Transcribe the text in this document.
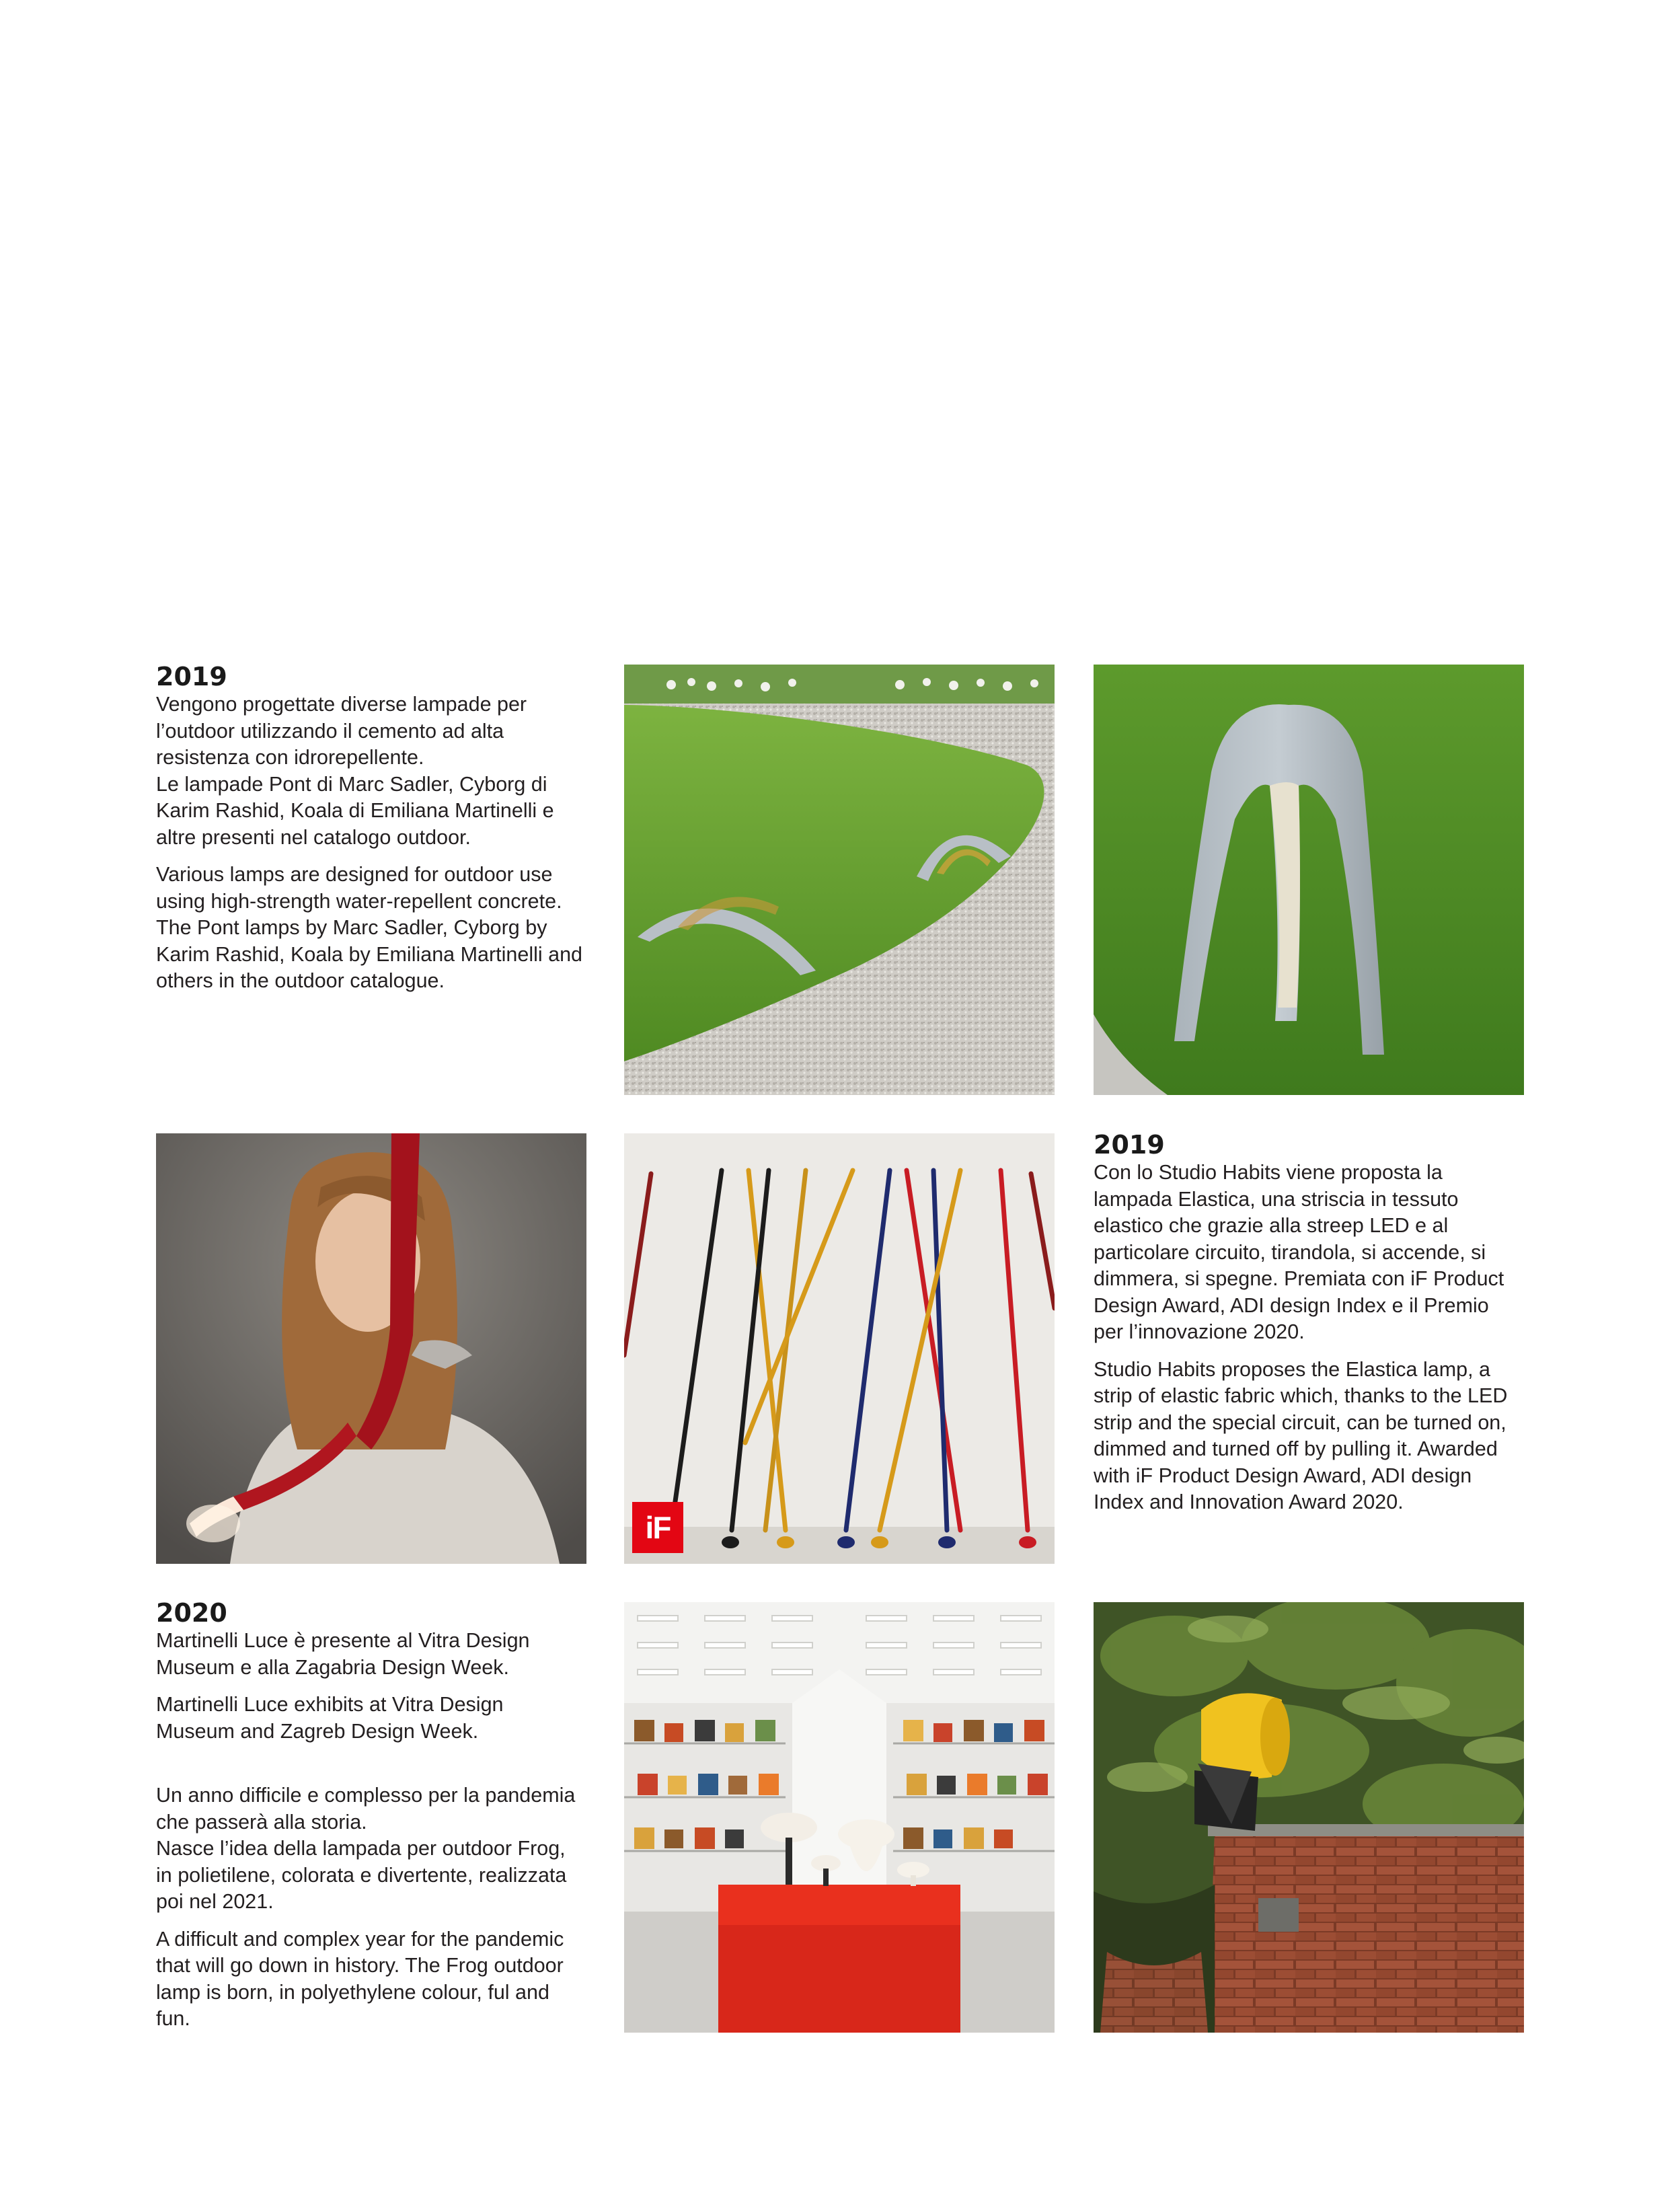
2019

Vengono progettate diverse lampade per l’outdoor utilizzando il cemento ad alta resistenza con idrorepellente.

Le lampade Pont di Marc Sadler, Cyborg di Karim Rashid, Koala di Emiliana Martinelli e altre presenti nel catalogo outdoor.

Various lamps are designed for outdoor use using high-strength water-repellent concrete. The Pont lamps by Marc Sadler, Cyborg by Karim Rashid, Koala by Emiliana Martinelli and others in the outdoor catalogue.

2019

Con lo Studio Habits viene proposta la lampada Elastica, una striscia in tessuto elastico che grazie alla streep LED e al particolare circuito, tirandola, si accende, si dimmera, si spegne. Premiata con iF Product Design Award, ADI design Index e il Premio per l’innovazione 2020.

Studio Habits proposes the Elastica lamp, a strip of elastic fabric which, thanks to the LED strip and the special circuit, can be turned on, dimmed and turned off by pulling it. Awarded with iF Product Design Award, ADI design Index and Innovation Award 2020.

2020

Martinelli Luce è presente al Vitra Design Museum e alla Zagabria Design Week.

Martinelli Luce exhibits at Vitra Design Museum and Zagreb Design Week.

Un anno difficile e complesso per la pandemia che passerà alla storia.

Nasce l’idea della lampada per outdoor Frog, in polietilene, colorata e divertente, realizzata poi nel 2021.

A difficult and complex year for the pandemic that will go down in history. The Frog outdoor lamp is born, in polyethylene colour, ful and fun.

iF
